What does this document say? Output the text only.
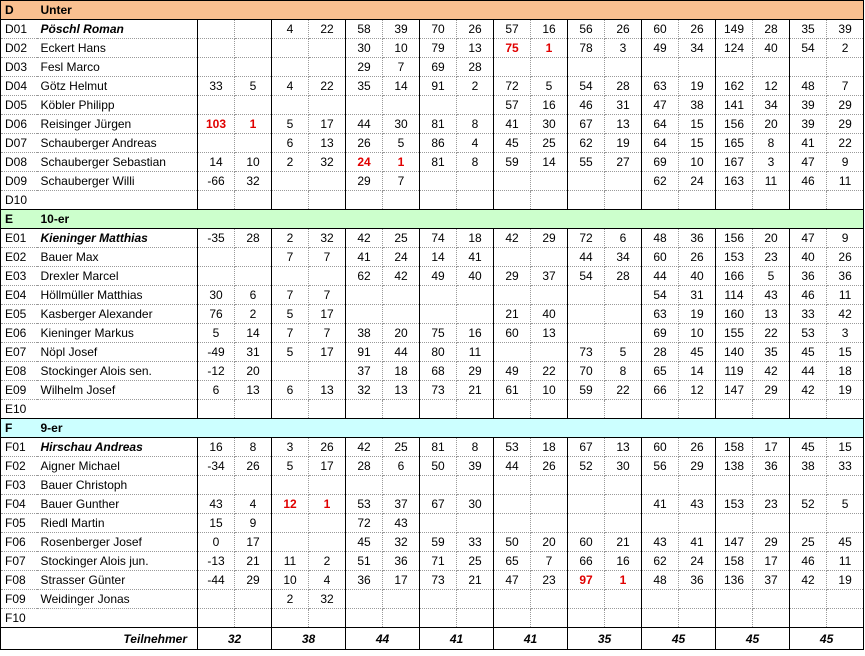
D	Unter																		
D01	Pöschl Roman			4	22	58	39	70	26	57	16	56	26	60	26	149	28	35	39
D02	Eckert Hans					30	10	79	13	75	1	78	3	49	34	124	40	54	2
D03	Fesl Marco					29	7	69	28										
D04	Götz Helmut	33	5	4	22	35	14	91	2	72	5	54	28	63	19	162	12	48	7
D05	Köbler Philipp									57	16	46	31	47	38	141	34	39	29
D06	Reisinger Jürgen	103	1	5	17	44	30	81	8	41	30	67	13	64	15	156	20	39	29
D07	Schauberger Andreas			6	13	26	5	86	4	45	25	62	19	64	15	165	8	41	22
D08	Schauberger Sebastian	14	10	2	32	24	1	81	8	59	14	55	27	69	10	167	3	47	9
D09	Schauberger Willi	-66	32			29	7							62	24	163	11	46	11
D10																			
E	10-er																		
E01	Kieninger Matthias	-35	28	2	32	42	25	74	18	42	29	72	6	48	36	156	20	47	9
E02	Bauer Max			7	7	41	24	14	41			44	34	60	26	153	23	40	26
E03	Drexler Marcel					62	42	49	40	29	37	54	28	44	40	166	5	36	36
E04	Höllmüller Matthias	30	6	7	7									54	31	114	43	46	11
E05	Kasberger Alexander	76	2	5	17					21	40			63	19	160	13	33	42
E06	Kieninger Markus	5	14	7	7	38	20	75	16	60	13			69	10	155	22	53	3
E07	Nöpl Josef	-49	31	5	17	91	44	80	11			73	5	28	45	140	35	45	15
E08	Stockinger Alois sen.	-12	20			37	18	68	29	49	22	70	8	65	14	119	42	44	18
E09	Wilhelm Josef	6	13	6	13	32	13	73	21	61	10	59	22	66	12	147	29	42	19
E10																			
F	9-er																		
F01	Hirschau Andreas	16	8	3	26	42	25	81	8	53	18	67	13	60	26	158	17	45	15
F02	Aigner Michael	-34	26	5	17	28	6	50	39	44	26	52	30	56	29	138	36	38	33
F03	Bauer Christoph																		
F04	Bauer Gunther	43	4	12	1	53	37	67	30					41	43	153	23	52	5
F05	Riedl Martin	15	9			72	43												
F06	Rosenberger Josef	0	17			45	32	59	33	50	20	60	21	43	41	147	29	25	45
F07	Stockinger Alois jun.	-13	21	11	2	51	36	71	25	65	7	66	16	62	24	158	17	46	11
F08	Strasser Günter	-44	29	10	4	36	17	73	21	47	23	97	1	48	36	136	37	42	19
F09	Weidinger Jonas			2	32														
F10																			
Teilnehmer		32		38		44		41		41		35		45		45		45	
